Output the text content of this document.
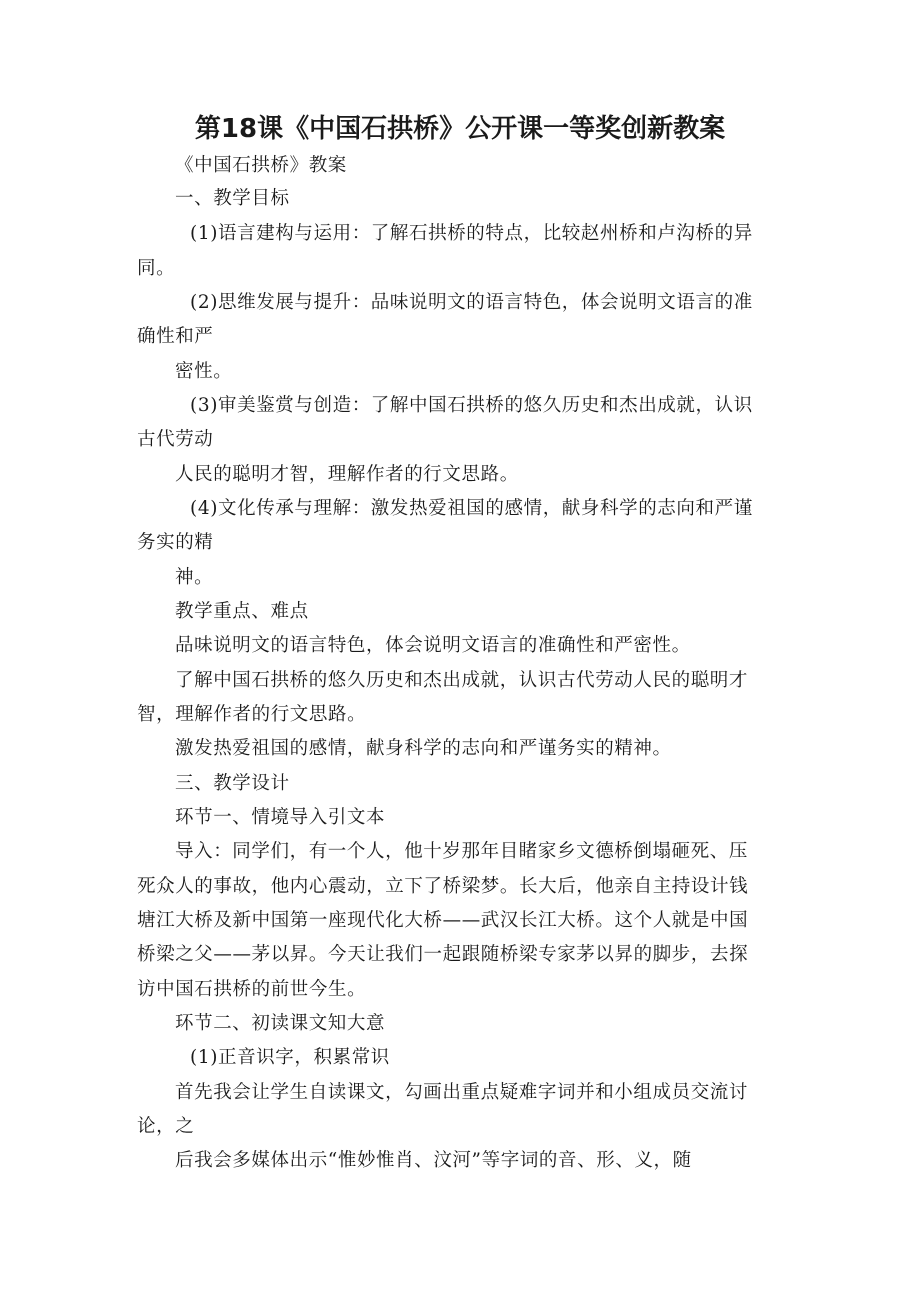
第18课《中国石拱桥》公开课一等奖创新教案
《中国石拱桥》教案
一、教学目标
(1)语言建构与运用：了解石拱桥的特点，比较赵州桥和卢沟桥的异
同。
(2)思维发展与提升：品味说明文的语言特色，体会说明文语言的准
确性和严
密性。
(3)审美鉴赏与创造：了解中国石拱桥的悠久历史和杰出成就，认识
古代劳动
人民的聪明才智，理解作者的行文思路。
(4)文化传承与理解：激发热爱祖国的感情，献身科学的志向和严谨
务实的精
神。
教学重点、难点
品味说明文的语言特色，体会说明文语言的准确性和严密性。
了解中国石拱桥的悠久历史和杰出成就，认识古代劳动人民的聪明才
智，理解作者的行文思路。
激发热爱祖国的感情，献身科学的志向和严谨务实的精神。
三、教学设计
环节一、情境导入引文本
导入：同学们，有一个人，他十岁那年目睹家乡文德桥倒塌砸死、压
死众人的事故，他内心震动，立下了桥梁梦。长大后，他亲自主持设计钱
塘江大桥及新中国第一座现代化大桥——武汉长江大桥。这个人就是中国
桥梁之父——茅以昇。今天让我们一起跟随桥梁专家茅以昇的脚步，去探
访中国石拱桥的前世今生。
环节二、初读课文知大意
(1)正音识字，积累常识
首先我会让学生自读课文，勾画出重点疑难字词并和小组成员交流讨
论，之
后我会多媒体出示“惟妙惟肖、汶河”等字词的音、形、义，随
